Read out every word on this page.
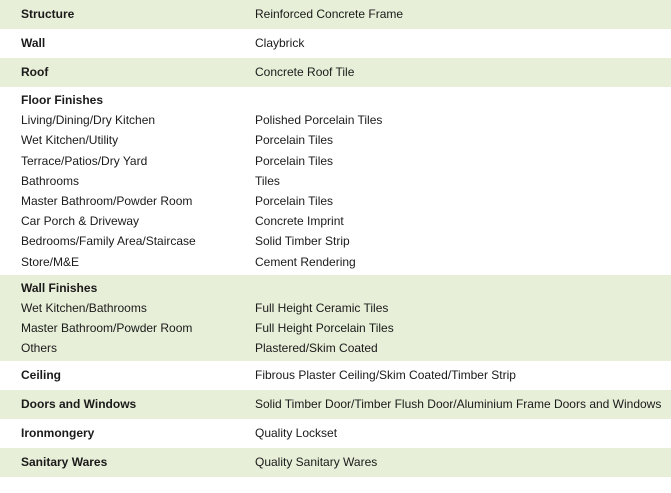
Structure	Reinforced Concrete Frame
Wall	Claybrick
Roof	Concrete Roof Tile
Floor Finishes
Living/Dining/Dry Kitchen	Polished Porcelain Tiles
Wet Kitchen/Utility	Porcelain Tiles
Terrace/Patios/Dry Yard	Porcelain Tiles
Bathrooms	Tiles
Master Bathroom/Powder Room	Porcelain Tiles
Car Porch & Driveway	Concrete Imprint
Bedrooms/Family Area/Staircase	Solid Timber Strip
Store/M&E	Cement Rendering
Wall Finishes
Wet Kitchen/Bathrooms	Full Height Ceramic Tiles
Master Bathroom/Powder Room	Full Height Porcelain Tiles
Others	Plastered/Skim Coated
Ceiling	Fibrous Plaster Ceiling/Skim Coated/Timber Strip
Doors and Windows	Solid Timber Door/Timber Flush Door/Aluminium Frame Doors and Windows
Ironmongery	Quality Lockset
Sanitary Wares	Quality Sanitary Wares
